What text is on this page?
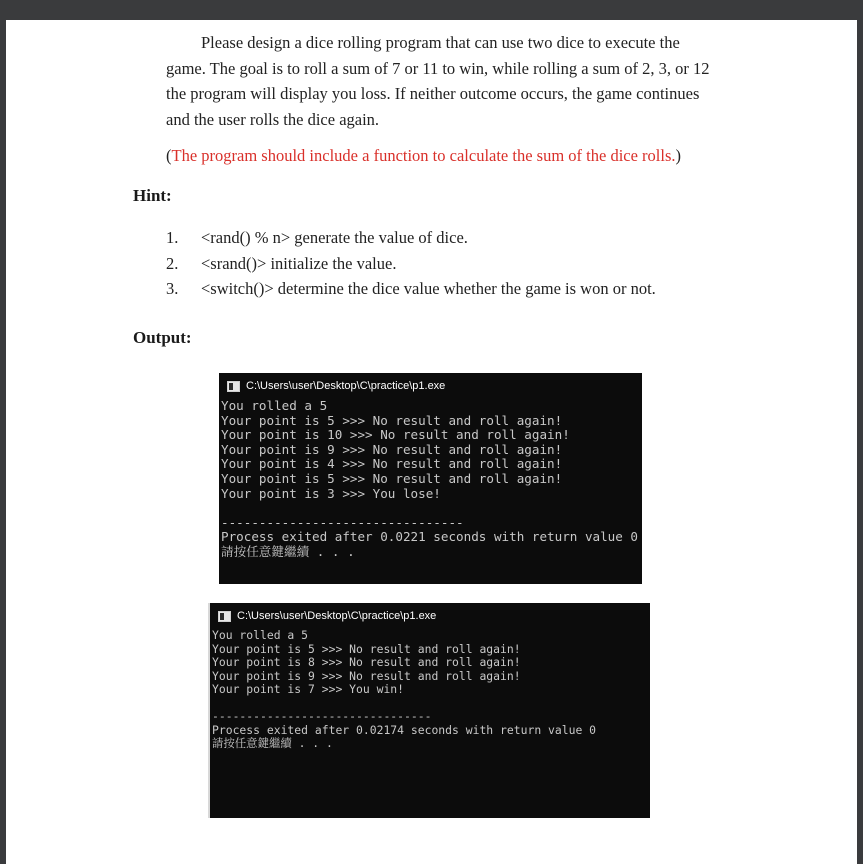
Please design a dice rolling program that can use two dice to execute the
game. The goal is to roll a sum of 7 or 11 to win, while rolling a sum of 2, 3, or 12
the program will display you loss. If neither outcome occurs, the game continues
and the user rolls the dice again.

(The program should include a function to calculate the sum of the dice rolls.)

Hint:

1.	<rand() % n> generate the value of dice.
2.	<srand()> initialize the value.
3.	<switch()> determine the dice value whether the game is won or not.

Output:

C:\Users\user\Desktop\C\practice\p1.exe
You rolled a 5
Your point is 5 >>> No result and roll again!
Your point is 10 >>> No result and roll again!
Your point is 9 >>> No result and roll again!
Your point is 4 >>> No result and roll again!
Your point is 5 >>> No result and roll again!
Your point is 3 >>> You lose!
--------------------------------
Process exited after 0.0221 seconds with return value 0
請按任意鍵繼續 . . .
C:\Users\user\Desktop\C\practice\p1.exe
You rolled a 5
Your point is 5 >>> No result and roll again!
Your point is 8 >>> No result and roll again!
Your point is 9 >>> No result and roll again!
Your point is 7 >>> You win!
--------------------------------
Process exited after 0.02174 seconds with return value 0
請按任意鍵繼續 . . .
